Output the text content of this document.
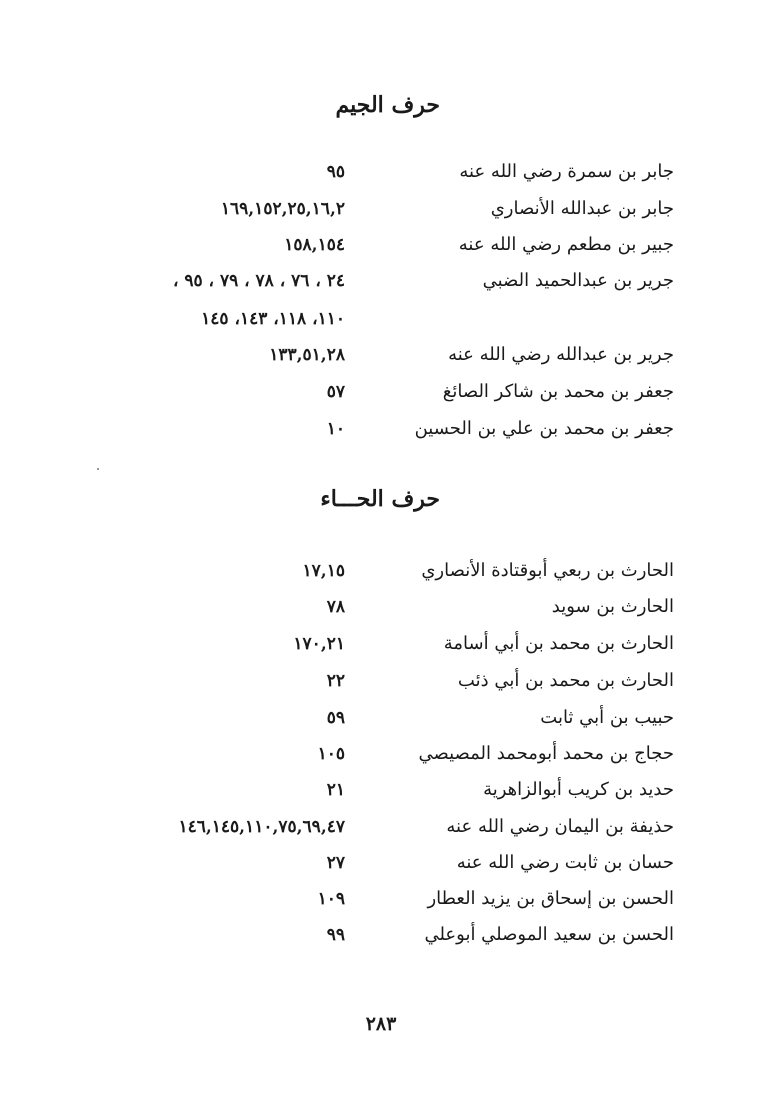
حرف الجيم
جابر بن سمرة رضي الله عنه
٩٥
جابر بن عبدالله الأنصاري
١٦٩,١٥٢,٢٥,١٦,٢
جبير بن مطعم رضي الله عنه
١٥٨,١٥٤
جرير بن عبدالحميد الضبي
٢٤ ، ٧٦ ، ٧٨ ، ٧٩ ، ٩٥ ،
١١٠، ١١٨، ١٤٣، ١٤٥
جرير بن عبدالله رضي الله عنه
١٣٣,٥١,٢٨
جعفر بن محمد بن شاكر الصائغ
٥٧
جعفر بن محمد بن علي بن الحسين
١٠
حرف الحـــاء
الحارث بن ربعي أبوقتادة الأنصاري
١٧,١٥
الحارث بن سويد
٧٨
الحارث بن محمد بن أبي أسامة
١٧٠,٢١
الحارث بن محمد بن أبي ذئب
٢٢
حبيب بن أبي ثابت
٥٩
حجاج بن محمد أبومحمد المصيصي
١٠٥
حديد بن كريب أبوالزاهرية
٢١
حذيفة بن اليمان رضي الله عنه
١٤٦,١٤٥,١١٠,٧٥,٦٩,٤٧
حسان بن ثابت رضي الله عنه
٢٧
الحسن بن إسحاق بن يزيد العطار
١٠٩
الحسن بن سعيد الموصلي أبوعلي
٩٩
٢٨٣
